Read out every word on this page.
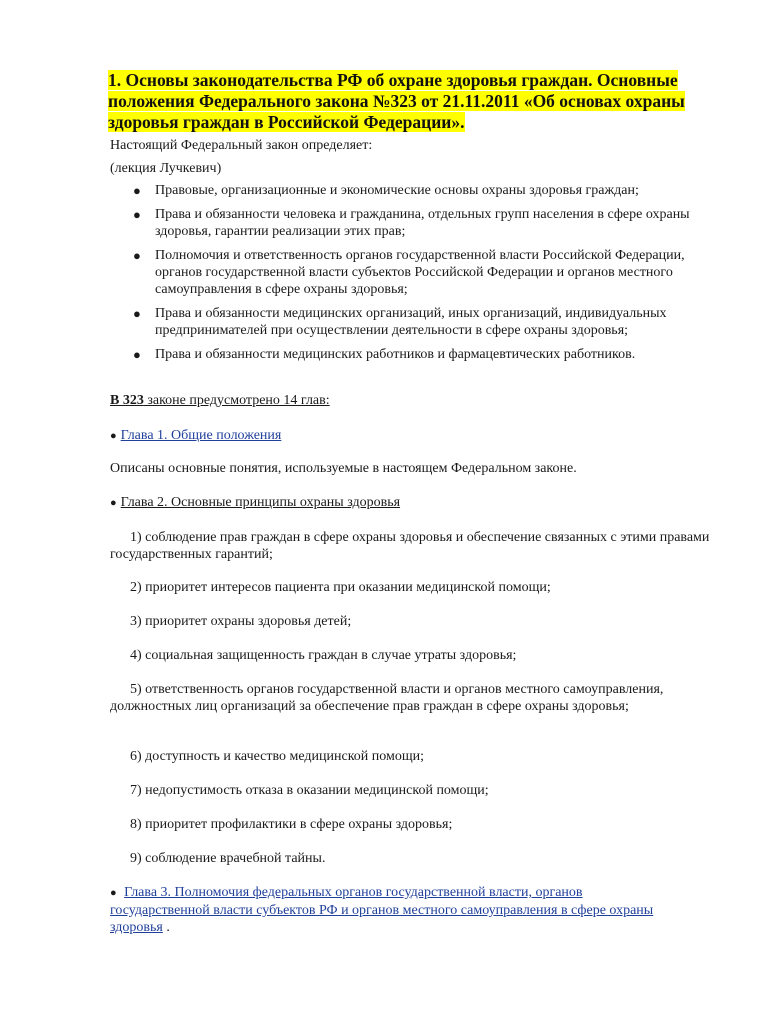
1. Основы законодательства РФ об охране здоровья граждан. Основные положения Федерального закона №323 от 21.11.2011 «Об основах охраны здоровья граждан в Российской Федерации».
Настоящий Федеральный закон определяет:
(лекция Лучкевич)
● Правовые, организационные и экономические основы охраны здоровья граждан;
● Права и обязанности человека и гражданина, отдельных групп населения в сфере охраны здоровья, гарантии реализации этих прав;
● Полномочия и ответственность органов государственной власти Российской Федерации, органов государственной власти субъектов Российской Федерации и органов местного самоуправления в сфере охраны здоровья;
● Права и обязанности медицинских организаций, иных организаций, индивидуальных предпринимателей при осуществлении деятельности в сфере охраны здоровья;
● Права и обязанности медицинских работников и фармацевтических работников.
В 323 законе предусмотрено 14 глав:
● Глава 1. Общие положения
Описаны основные понятия, используемые в настоящем Федеральном законе.
● Глава 2. Основные принципы охраны здоровья
1) соблюдение прав граждан в сфере охраны здоровья и обеспечение связанных с этими правами государственных гарантий;
2) приоритет интересов пациента при оказании медицинской помощи;
3) приоритет охраны здоровья детей;
4) социальная защищенность граждан в случае утраты здоровья;
5) ответственность органов государственной власти и органов местного самоуправления, должностных лиц организаций за обеспечение прав граждан в сфере охраны здоровья;
6) доступность и качество медицинской помощи;
7) недопустимость отказа в оказании медицинской помощи;
8) приоритет профилактики в сфере охраны здоровья;
9) соблюдение врачебной тайны.
● Глава 3. Полномочия федеральных органов государственной власти, органов государственной власти субъектов РФ и органов местного самоуправления в сфере охраны здоровья .
